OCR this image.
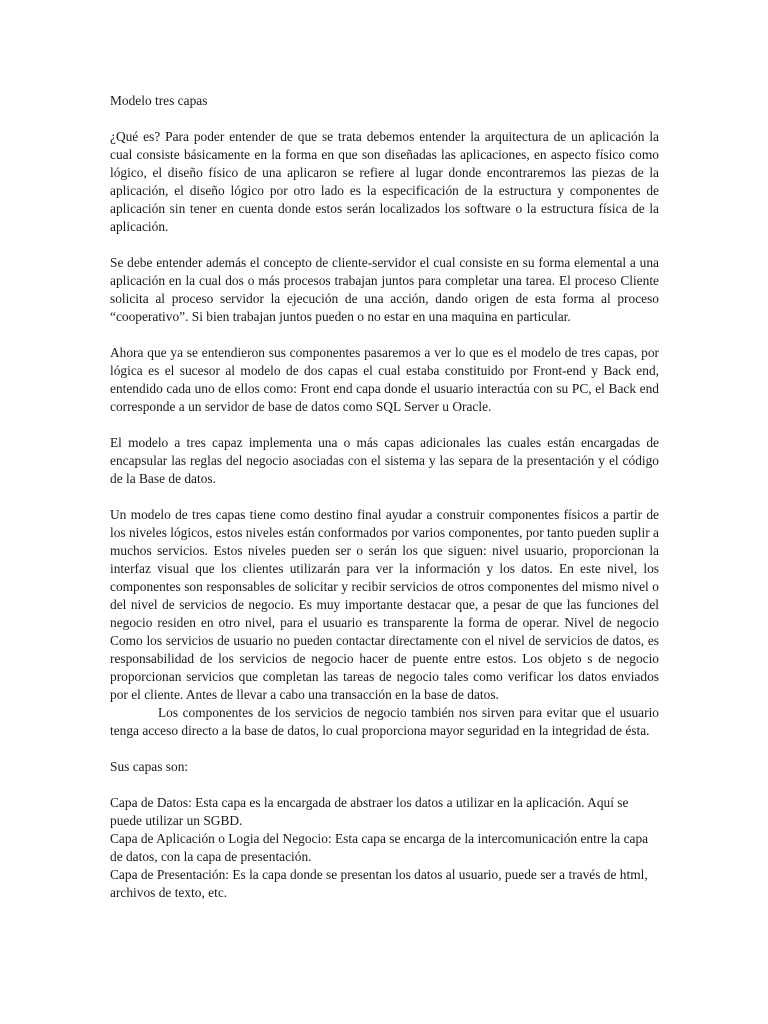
Modelo tres capas

¿Qué es? Para poder entender de que se trata debemos entender la arquitectura de un aplicación la cual consiste básicamente en la forma en que son diseñadas las aplicaciones, en aspecto físico como lógico, el diseño físico de una aplicaron se refiere al lugar donde encontraremos las piezas de la aplicación, el diseño lógico por otro lado es la especificación de la estructura y componentes de aplicación sin tener en cuenta donde estos serán localizados los software o la estructura física de la aplicación.

Se debe entender además el concepto de cliente-servidor el cual consiste en su forma elemental a una aplicación en la cual dos o más procesos trabajan juntos para completar una tarea. El proceso Cliente solicita al proceso servidor la ejecución de una acción, dando origen de esta forma al proceso “cooperativo”. Si bien trabajan juntos pueden o no estar en una maquina en particular.

Ahora que ya se entendieron sus componentes pasaremos a ver lo que es el modelo de tres capas, por lógica es el sucesor al modelo de dos capas el cual estaba constituido por Front-end y Back end, entendido cada uno de ellos como: Front end capa donde el usuario interactúa con su PC, el Back end corresponde a un servidor de base de datos como SQL Server u Oracle.

El modelo a tres capaz implementa una o más capas adicionales las cuales están encargadas de encapsular las reglas del negocio asociadas con el sistema y las separa de la presentación y el código de la Base de datos.

Un modelo de tres capas tiene como destino final ayudar a construir componentes físicos a partir de los niveles lógicos, estos niveles están conformados por varios componentes, por tanto pueden suplir a muchos servicios. Estos niveles pueden ser o serán los que siguen: nivel usuario, proporcionan la interfaz visual que los clientes utilizarán para ver la información y los datos. En este nivel, los componentes son responsables de solicitar y recibir servicios de otros componentes del mismo nivel o del nivel de servicios de negocio. Es muy importante destacar que, a pesar de que las funciones del negocio residen en otro nivel, para el usuario es transparente la forma de operar. Nivel de negocio Como los servicios de usuario no pueden contactar directamente con el nivel de servicios de datos, es responsabilidad de los servicios de negocio hacer de puente entre estos. Los objeto s de negocio proporcionan servicios que completan las tareas de negocio tales como verificar los datos enviados por el cliente. Antes de llevar a cabo una transacción en la base de datos.

Los componentes de los servicios de negocio también nos sirven para evitar que el usuario tenga acceso directo a la base de datos, lo cual proporciona mayor seguridad en la integridad de ésta.

Sus capas son:

Capa de Datos: Esta capa es la encargada de abstraer los datos a utilizar en la aplicación. Aquí se puede utilizar un SGBD.

Capa de Aplicación o Logia del Negocio: Esta capa se encarga de la intercomunicación entre la capa de datos, con la capa de presentación.

Capa de Presentación: Es la capa donde se presentan los datos al usuario, puede ser a través de html, archivos de texto, etc.
